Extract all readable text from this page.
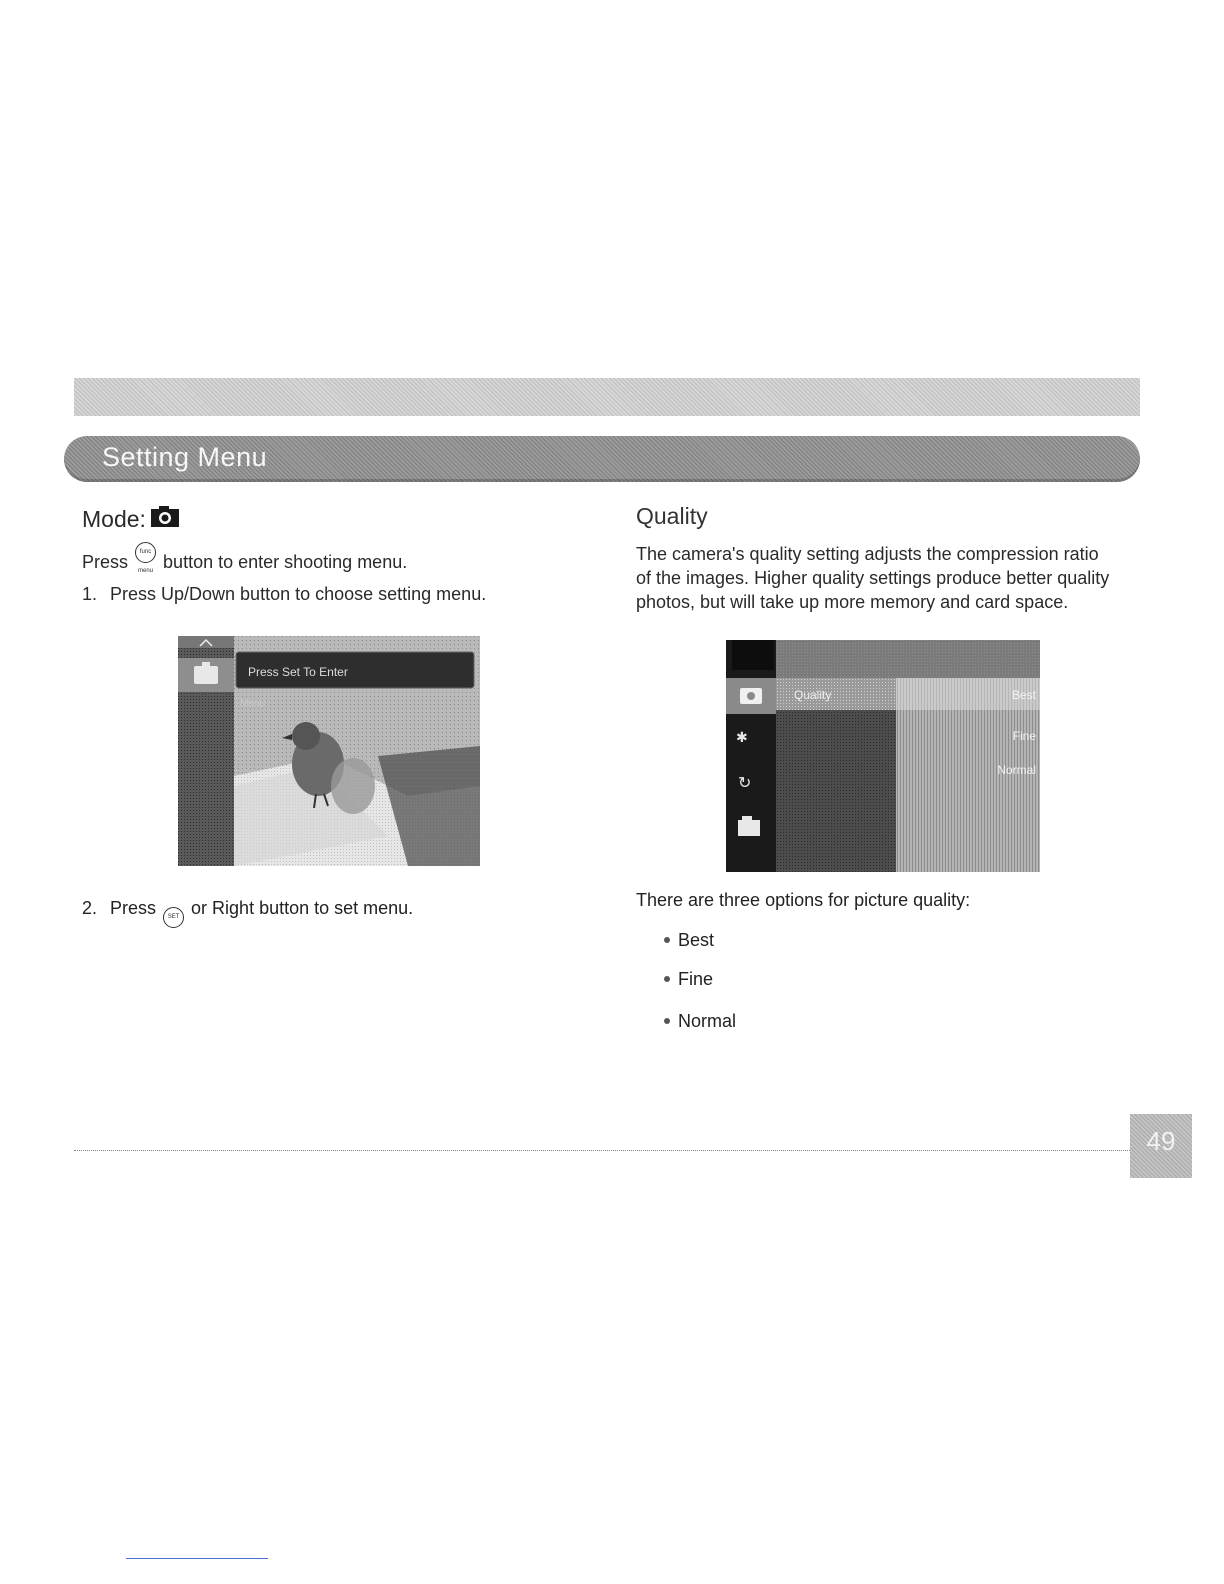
Setting Menu
Mode:
Press func menu button to enter shooting menu.
1. Press Up/Down button to choose setting menu.
Press Set To Enter
Menu
2. Press SET or Right button to set menu.
Quality
The camera's quality setting adjusts the compression ratio of the images. Higher quality settings produce better quality photos, but will take up more memory and card space.
✱
↻
Quality	Best
Fine
Normal
There are three options for picture quality:
Best
Fine
Normal
49
